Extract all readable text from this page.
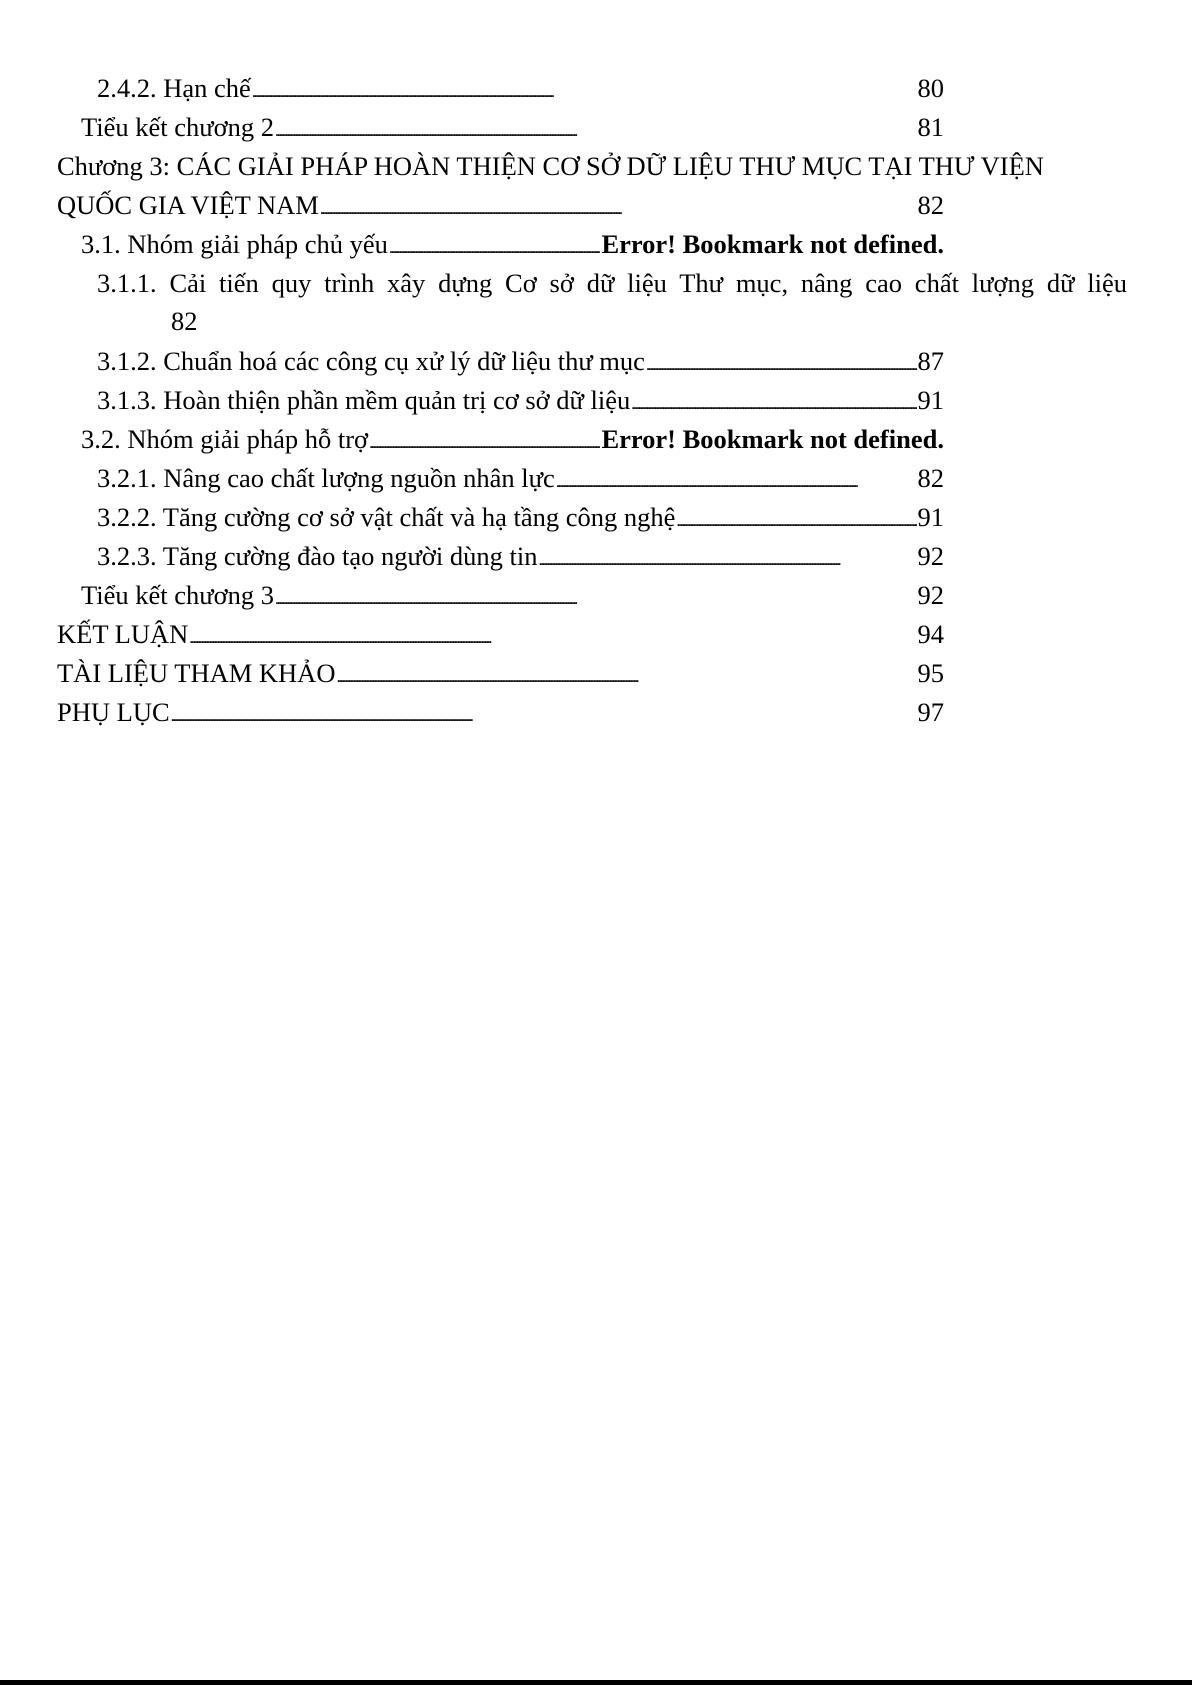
2.4.2. Hạn chế . . .	80
Tiểu kết chương 2 . . .	81
Chương 3: CÁC GIẢI PHÁP HOÀN THIỆN CƠ SỞ DỮ LIỆU THƯ MỤC TẠI THƯ VIỆN
QUỐC GIA VIỆT NAM . . .	82
3.1. Nhóm giải pháp chủ yếu . . .	Error! Bookmark not defined.
3.1.1. Cải tiến quy trình xây dựng Cơ sở dữ liệu Thư mục, nâng cao chất lượng dữ liệu
82
3.1.2. Chuẩn hoá các công cụ xử lý dữ liệu thư mục . . .	87
3.1.3. Hoàn thiện phần mềm quản trị cơ sở dữ liệu . . .	91
3.2. Nhóm giải pháp hỗ trợ . . .	Error! Bookmark not defined.
3.2.1. Nâng cao chất lượng nguồn nhân lực . . .	82
3.2.2. Tăng cường cơ sở vật chất và hạ tầng công nghệ . . .	91
3.2.3. Tăng cường đào tạo người dùng tin . . .	92
Tiểu kết chương 3 . . .	92
KẾT LUẬN . . .	94
TÀI LIỆU THAM KHẢO . . .	95
PHỤ LỤC . . .	97
